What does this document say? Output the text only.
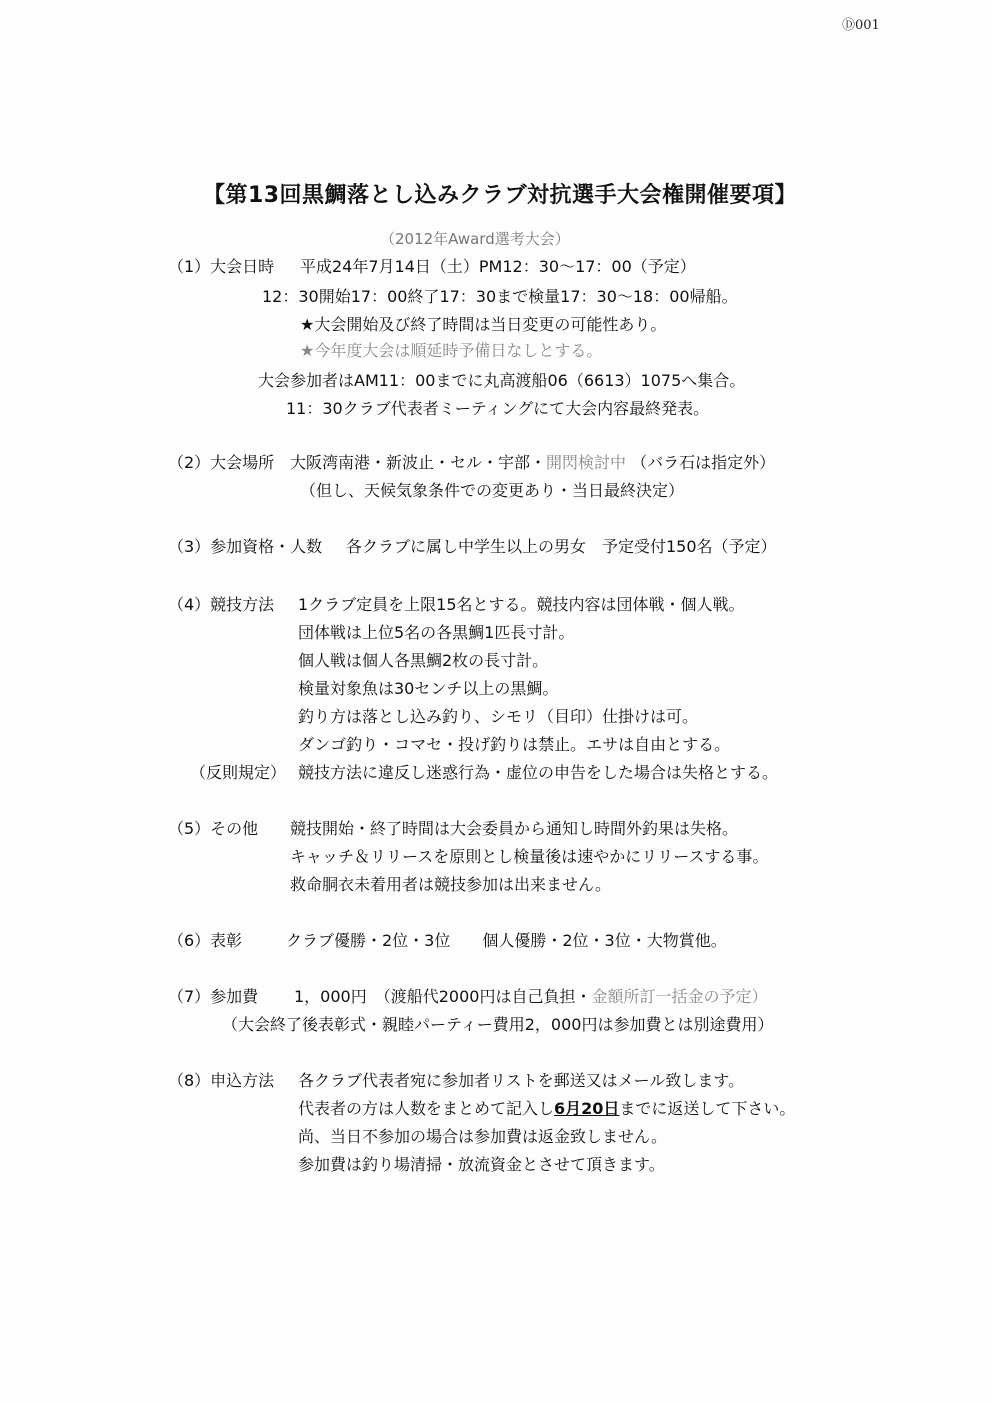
Ⓓ001
【第13回黒鯛落とし込みクラブ対抗選手大会権開催要項】
（2012年Award選考大会）
（1）大会日時 平成24年7月14日（土）PM12：30～17：00（予定）
12：30開始17：00終了17：30まで検量17：30～18：00帰船。
★大会開始及び終了時間は当日変更の可能性あり。
★今年度大会は順延時予備日なしとする。
大会参加者はAM11：00までに丸高渡船06（6613）1075へ集合。
11：30クラブ代表者ミーティングにて大会内容最終発表。
（2）大会場所 大阪湾南港・新波止・セル・宇部・開閃検討中 （バラ石は指定外）
（但し、天候気象条件での変更あり・当日最終決定）
（3）参加資格・人数 各クラブに属し中学生以上の男女　予定受付150名（予定）
（4）競技方法 1クラブ定員を上限15名とする。競技内容は団体戦・個人戦。
団体戦は上位5名の各黒鯛1匹長寸計。
個人戦は個人各黒鯛2枚の長寸計。
検量対象魚は30センチ以上の黒鯛。
釣り方は落とし込み釣り、シモリ（目印）仕掛けは可。
ダンゴ釣り・コマセ・投げ釣りは禁止。エサは自由とする。
（反則規定） 競技方法に違反し迷惑行為・虚位の申告をした場合は失格とする。
（5）その他 競技開始・終了時間は大会委員から通知し時間外釣果は失格。
キャッチ＆リリースを原則とし検量後は速やかにリリースする事。
救命胴衣未着用者は競技参加は出来ません。
（6）表彰	クラブ優勝・2位・3位　　個人優勝・2位・3位・大物賞他。
（7）参加費 1，000円　（渡船代2000円は自己負担・金額所訂一括金の予定）
（大会終了後表彰式・親睦パーティー費用2，000円は参加費とは別途費用）
（8）申込方法 各クラブ代表者宛に参加者リストを郵送又はメール致します。
代表者の方は人数をまとめて記入し6月20日までに返送して下さい。
尚、当日不参加の場合は参加費は返金致しません。
参加費は釣り場清掃・放流資金とさせて頂きます。
